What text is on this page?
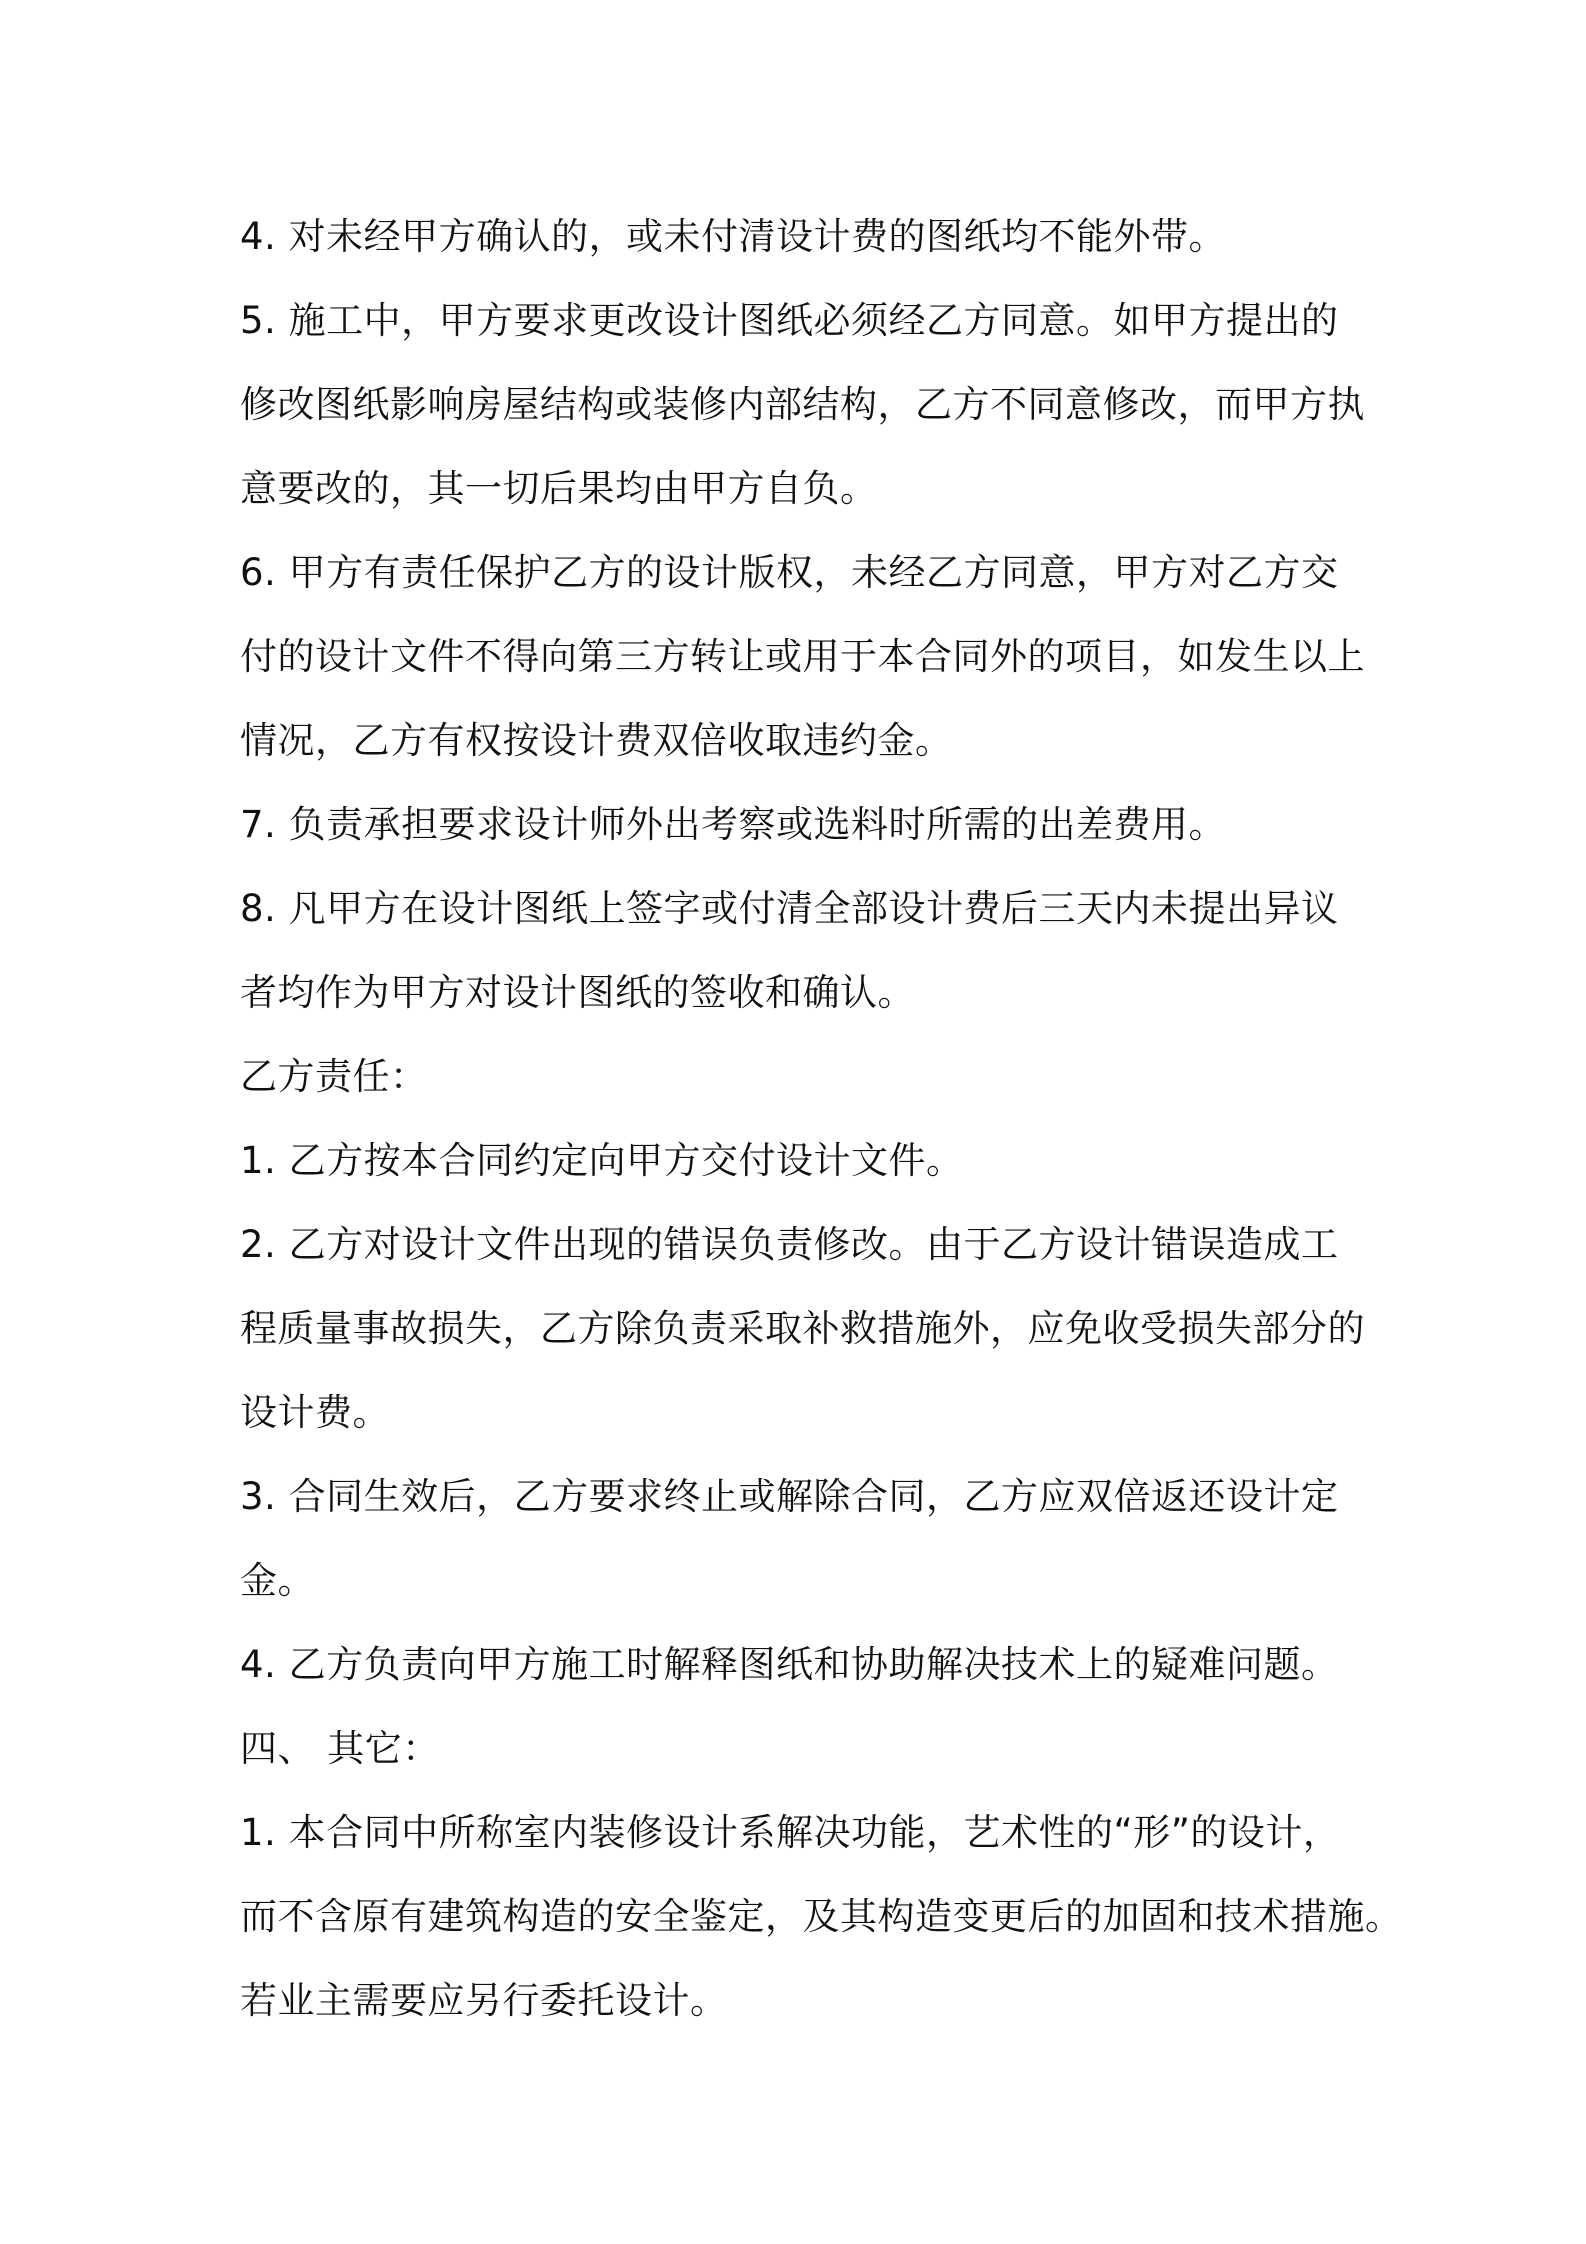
4. 对未经甲方确认的，或未付清设计费的图纸均不能外带。
5. 施工中，甲方要求更改设计图纸必须经乙方同意。如甲方提出的
修改图纸影响房屋结构或装修内部结构，乙方不同意修改，而甲方执
意要改的，其一切后果均由甲方自负。
6. 甲方有责任保护乙方的设计版权，未经乙方同意，甲方对乙方交
付的设计文件不得向第三方转让或用于本合同外的项目，如发生以上
情况，乙方有权按设计费双倍收取违约金。
7. 负责承担要求设计师外出考察或选料时所需的出差费用。
8. 凡甲方在设计图纸上签字或付清全部设计费后三天内未提出异议
者均作为甲方对设计图纸的签收和确认。
乙方责任：
1. 乙方按本合同约定向甲方交付设计文件。
2. 乙方对设计文件出现的错误负责修改。由于乙方设计错误造成工
程质量事故损失，乙方除负责采取补救措施外，应免收受损失部分的
设计费。
3. 合同生效后，乙方要求终止或解除合同，乙方应双倍返还设计定
金。
4. 乙方负责向甲方施工时解释图纸和协助解决技术上的疑难问题。
四、 其它：
1. 本合同中所称室内装修设计系解决功能，艺术性的“形”的设计，
而不含原有建筑构造的安全鉴定，及其构造变更后的加固和技术措施。
若业主需要应另行委托设计。
